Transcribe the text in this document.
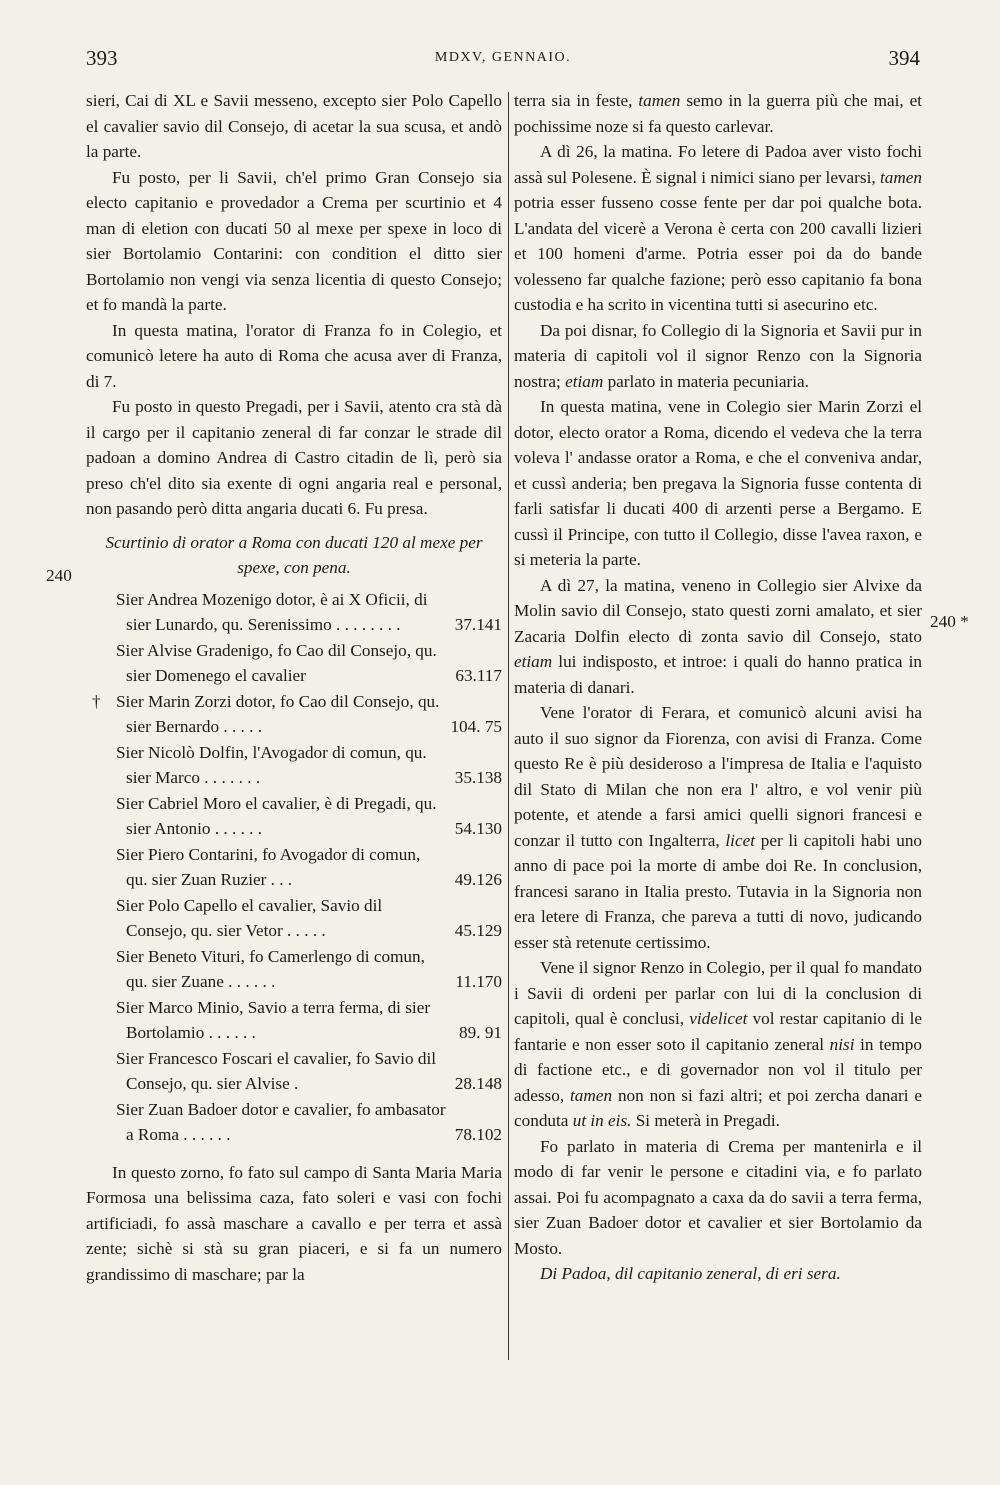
393	MDXV, GENNAIO.	394
240
240 *

sieri, Cai di XL e Savii messeno, excepto sier Polo Capello el cavalier savio dil Consejo, di acetar la sua scusa, et andò la parte.

Fu posto, per li Savii, ch'el primo Gran Consejo sia electo capitanio e provedador a Crema per scurtinio et 4 man di eletion con ducati 50 al mexe per spexe in loco di sier Bortolamio Contarini: con condition el ditto sier Bortolamio non vengi via senza licentia di questo Consejo; et fo mandà la parte.

In questa matina, l'orator di Franza fo in Colegio, et comunicò letere ha auto di Roma che acusa aver di Franza, di 7.

Fu posto in questo Pregadi, per i Savii, atento cra stà dà il cargo per il capitanio zeneral di far conzar le strade dil padoan a domino Andrea di Castro citadin de lì, però sia preso ch'el dito sia exente di ogni angaria real e personal, non pasando però ditta angaria ducati 6. Fu presa.

Scurtinio di orator a Roma con ducati 120 al mexe per spexe, con pena.

Sier Andrea Mozenigo dotor, è ai X Oficii, di sier Lunardo, qu. Serenissimo . . . . . . . .	37.141
Sier Alvise Gradenigo, fo Cao dil Consejo, qu. sier Domenego el cavalier	63.117
† Sier Marin Zorzi dotor, fo Cao dil Consejo, qu. sier Bernardo . . . . .	104. 75
Sier Nicolò Dolfin, l'Avogador di comun, qu. sier Marco . . . . . . .	35.138
Sier Cabriel Moro el cavalier, è di Pregadi, qu. sier Antonio . . . . . .	54.130
Sier Piero Contarini, fo Avogador di comun, qu. sier Zuan Ruzier . . .	49.126
Sier Polo Capello el cavalier, Savio dil Consejo, qu. sier Vetor . . . . .	45.129
Sier Beneto Vituri, fo Camerlengo di comun, qu. sier Zuane . . . . . .	11.170
Sier Marco Minio, Savio a terra ferma, di sier Bortolamio . . . . . .	89. 91
Sier Francesco Foscari el cavalier, fo Savio dil Consejo, qu. sier Alvise .	28.148
Sier Zuan Badoer dotor e cavalier, fo ambasator a Roma . . . . . .	78.102

In questo zorno, fo fato sul campo di Santa Maria Maria Formosa una belissima caza, fato soleri e vasi con fochi artificiadi, fo assà maschare a cavallo e per terra et assà zente; sichè si stà su gran piaceri, e si fa un numero grandissimo di maschare; par la

terra sia in feste, tamen semo in la guerra più che mai, et pochissime noze si fa questo carlevar.

A dì 26, la matina. Fo letere di Padoa aver visto fochi assà sul Polesene. È signal i nimici siano per levarsi, tamen potria esser fusseno cosse fente per dar poi qualche bota. L'andata del vicerè a Verona è certa con 200 cavalli lizieri et 100 homeni d'arme. Potria esser poi da do bande volesseno far qualche fazione; però esso capitanio fa bona custodia e ha scrito in vicentina tutti si asecurino etc.

Da poi disnar, fo Collegio di la Signoria et Savii pur in materia di capitoli vol il signor Renzo con la Signoria nostra; etiam parlato in materia pecuniaria.

In questa matina, vene in Colegio sier Marin Zorzi el dotor, electo orator a Roma, dicendo el vedeva che la terra voleva l' andasse orator a Roma, e che el conveniva andar, et cussì anderia; ben pregava la Signoria fusse contenta di farli satisfar li ducati 400 di arzenti perse a Bergamo. E cussì il Principe, con tutto il Collegio, disse l'avea raxon, e si meteria la parte.

A dì 27, la matina, veneno in Collegio sier Alvixe da Molin savio dil Consejo, stato questi zorni amalato, et sier Zacaria Dolfin electo di zonta savio dil Consejo, stato etiam lui indisposto, et introe: i quali do hanno pratica in materia di danari.

Vene l'orator di Ferara, et comunicò alcuni avisi ha auto il suo signor da Fiorenza, con avisi di Franza. Come questo Re è più desideroso a l'impresa de Italia e l'aquisto dil Stato di Milan che non era l' altro, e vol venir più potente, et atende a farsi amici quelli signori francesi e conzar il tutto con Ingalterra, licet per li capitoli habi uno anno di pace poi la morte di ambe doi Re. In conclusion, francesi sarano in Italia presto. Tutavia in la Signoria non era letere di Franza, che pareva a tutti di novo, judicando esser stà retenute certissimo.

Vene il signor Renzo in Colegio, per il qual fo mandato i Savii di ordeni per parlar con lui di la conclusion di capitoli, qual è conclusi, videlicet vol restar capitanio di le fantarie e non esser soto il capitanio zeneral nisi in tempo di factione etc., e di governador non vol il titulo per adesso, tamen non non si fazi altri; et poi zercha danari e conduta ut in eis. Si meterà in Pregadi.

Fo parlato in materia di Crema per mantenirla e il modo di far venir le persone e citadini via, e fo parlato assai. Poi fu acompagnato a caxa da do savii a terra ferma, sier Zuan Badoer dotor et cavalier et sier Bortolamio da Mosto.

Di Padoa, dil capitanio zeneral, di eri sera.
